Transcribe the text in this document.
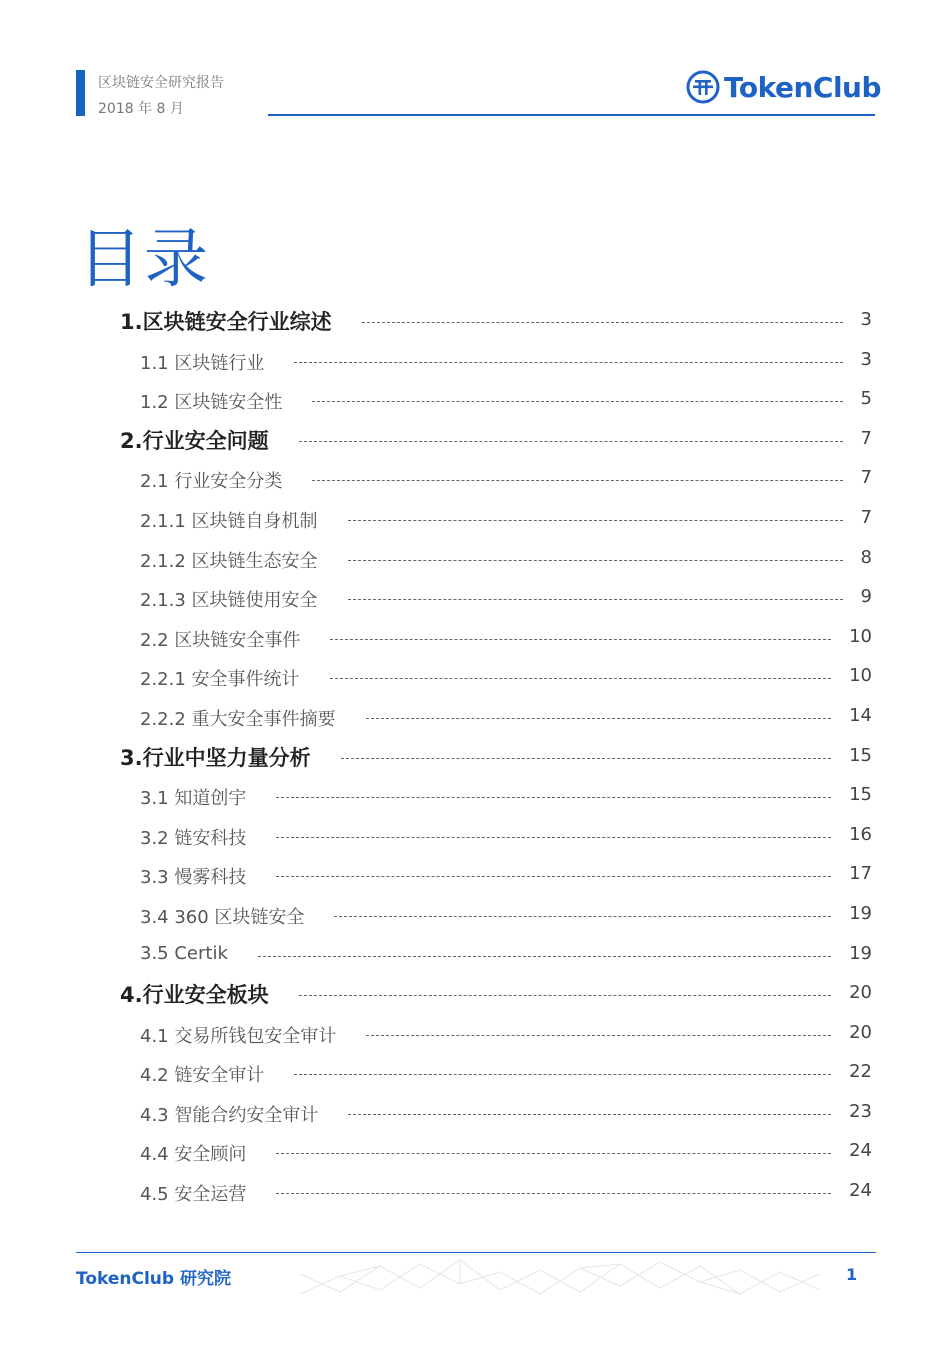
区块链安全研究报告
2018 年 8 月
TokenClub
目录
1.区块链安全行业综述	3
1.1 区块链行业	3
1.2 区块链安全性	5
2.行业安全问题	7
2.1 行业安全分类	7
2.1.1 区块链自身机制	7
2.1.2 区块链生态安全	8
2.1.3 区块链使用安全	9
2.2 区块链安全事件	10
2.2.1 安全事件统计	10
2.2.2 重大安全事件摘要	14
3.行业中坚力量分析	15
3.1 知道创宇	15
3.2 链安科技	16
3.3 慢雾科技	17
3.4 360 区块链安全	19
3.5 Certik	19
4.行业安全板块	20
4.1 交易所钱包安全审计	20
4.2 链安全审计	22
4.3 智能合约安全审计	23
4.4 安全顾问	24
4.5 安全运营	24
TokenClub 研究院	1
